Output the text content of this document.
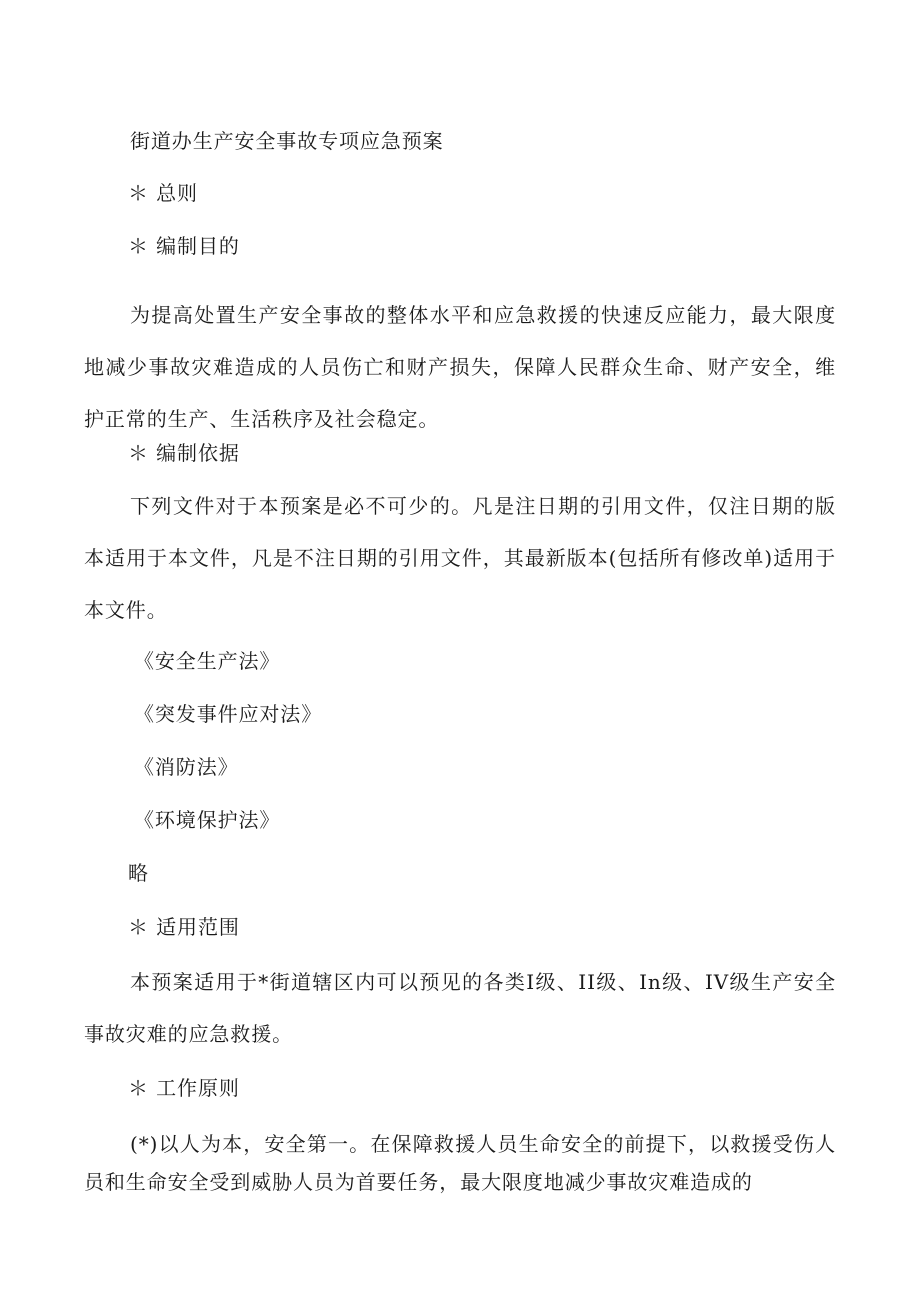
街道办生产安全事故专项应急预案
＊ 总则
＊ 编制目的

为提高处置生产安全事故的整体水平和应急救援的快速反应能力，最大限度地减少事故灾难造成的人员伤亡和财产损失，保障人民群众生命、财产安全，维护正常的生产、生活秩序及社会稳定。

＊ 编制依据

下列文件对于本预案是必不可少的。凡是注日期的引用文件，仅注日期的版本适用于本文件，凡是不注日期的引用文件，其最新版本(包括所有修改单)适用于本文件。

《安全生产法》
《突发事件应对法》
《消防法》
《环境保护法》
略
＊ 适用范围

本预案适用于*街道辖区内可以预见的各类Ⅰ级、II级、In级、IV级生产安全事故灾难的应急救援。

＊ 工作原则

(*)以人为本，安全第一。在保障救援人员生命安全的前提下，以救援受伤人员和生命安全受到威胁人员为首要任务，最大限度地减少事故灾难造成的
